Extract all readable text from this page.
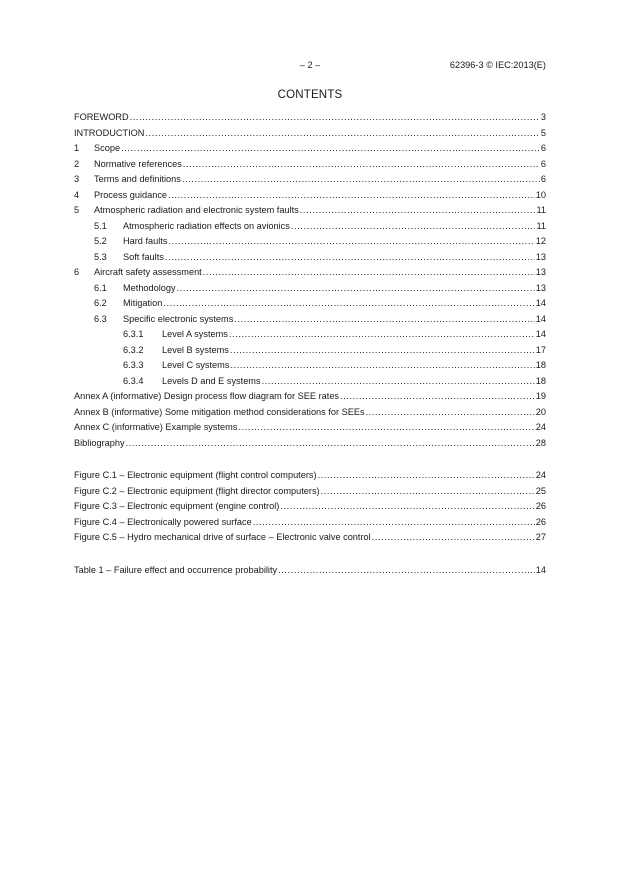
– 2 –	62396-3 © IEC:2013(E)
CONTENTS
FOREWORD .....	3
INTRODUCTION .....	5
1	Scope .....	6
2	Normative references .....	6
3	Terms and definitions .....	6
4	Process guidance .....	10
5	Atmospheric radiation and electronic system faults .....	11
5.1	Atmospheric radiation effects on avionics .....	11
5.2	Hard faults .....	12
5.3	Soft faults .....	13
6	Aircraft safety assessment .....	13
6.1	Methodology .....	13
6.2	Mitigation .....	14
6.3	Specific electronic systems .....	14
6.3.1	Level A systems .....	14
6.3.2	Level B systems .....	17
6.3.3	Level C systems .....	18
6.3.4	Levels D and E systems .....	18
Annex A (informative) Design process flow diagram for SEE rates .....	19
Annex B (informative) Some mitigation method considerations for SEEs .....	20
Annex C (informative) Example systems .....	24
Bibliography .....	28
Figure C.1 – Electronic equipment (flight control computers) .....	24
Figure C.2 – Electronic equipment (flight director computers) .....	25
Figure C.3 – Electronic equipment (engine control) .....	26
Figure C.4 – Electronically powered surface .....	26
Figure C.5 – Hydro mechanical drive of surface – Electronic valve control .....	27
Table 1 – Failure effect and occurrence probability .....	14
